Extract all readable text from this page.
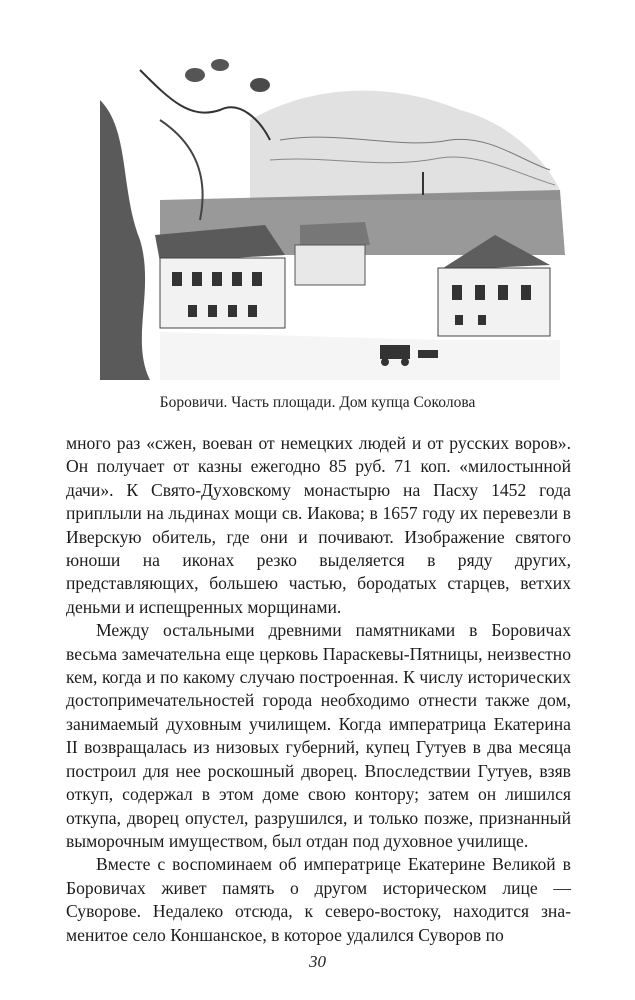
Боровичи. Часть площади. Дом купца Соколова

много раз «сжен, воеван от немецких людей и от русских воров». Он получает от казны ежегодно 85 руб. 71 коп. «милостынной дачи». К Свято-Духовскому монастырю на Пасху 1452 года приплыли на льдинах мощи св. Иакова; в 1657 году их перевезли в Иверскую обитель, где они и почивают. Изображение святого юноши на иконах резко выделяется в ряду других, представляющих, большею частью, бородатых старцев, ветхих деньми и испещренных морщинами.

Между остальными древними памятниками в Боровичах весьма замечательна еще церковь Параскевы-Пятницы, неизвестно кем, когда и по какому случаю построенная. К числу исторических достопримечательностей города необходимо отнести также дом, занимаемый духовным училищем. Когда императрица Екатерина II возвращалась из низовых губерний, купец Гутуев в два месяца построил для нее роскошный дворец. Впоследствии Гутуев, взяв откуп, содержал в этом доме свою контору; затем он лишился откупа, дворец опустел, разрушился, и только позже, признанный выморочным имуществом, был отдан под духовное училище.

Вместе с воспоминаем об императрице Екатерине Великой в Боровичах живет память о другом историческом лице — Суворове. Недалеко отсюда, к северо-востоку, находится знаменитое село Коншанское, в которое удалился Суворов по

30
